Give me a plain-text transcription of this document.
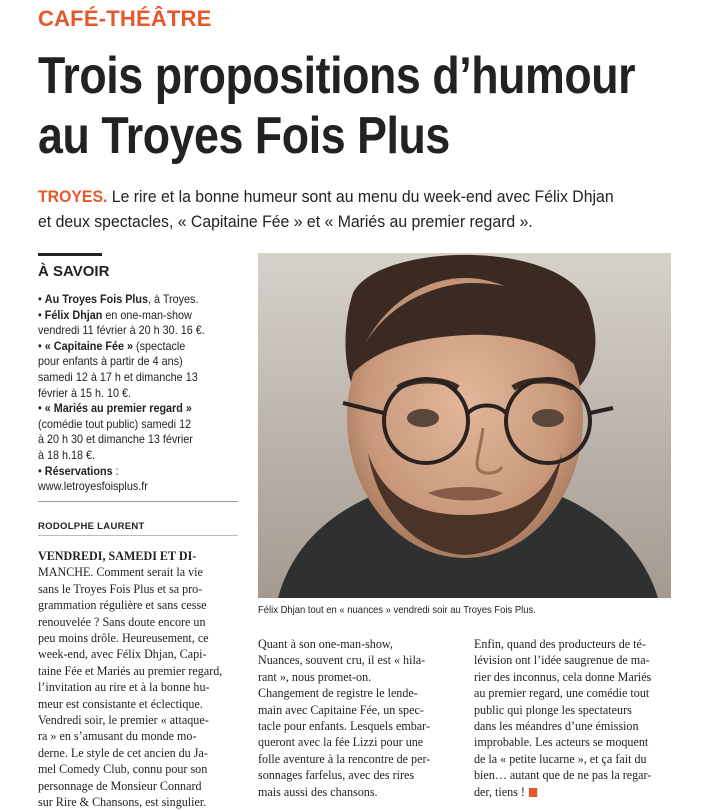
CAFÉ-THÉÂTRE
Trois propositions d’humour
au Troyes Fois Plus
TROYES. Le rire et la bonne humeur sont au menu du week-end avec Félix Dhjan
et deux spectacles, « Capitaine Fée » et « Mariés au premier regard ».
À SAVOIR
• Au Troyes Fois Plus, à Troyes.
• Félix Dhjan en one-man-show
vendredi 11 février à 20 h 30. 16 €.
• « Capitaine Fée » (spectacle
pour enfants à partir de 4 ans)
samedi 12 à 17 h et dimanche 13
février à 15 h. 10 €.
• « Mariés au premier regard »
(comédie tout public) samedi 12
à 20 h 30 et dimanche 13 février
à 18 h.18 €.
• Réservations :
www.letroyesfoisplus.fr
RODOLPHE LAURENT
VENDREDI, SAMEDI ET DI-
MANCHE. Comment serait la vie
sans le Troyes Fois Plus et sa pro-
grammation régulière et sans cesse
renouvelée ? Sans doute encore un
peu moins drôle. Heureusement, ce
week-end, avec Félix Dhjan, Capi-
taine Fée et Mariés au premier regard,
l’invitation au rire et à la bonne hu-
meur est consistante et éclectique.
Vendredi soir, le premier « attaque-
ra » en s’amusant du monde mo-
derne. Le style de cet ancien du Ja-
mel Comedy Club, connu pour son
personnage de Monsieur Connard
sur Rire & Chansons, est singulier.
Félix Dhjan tout en « nuances » vendredi soir au Troyes Fois Plus.
Quant à son one-man-show,
Nuances, souvent cru, il est « hila-
rant », nous promet-on.
Changement de registre le lende-
main avec Capitaine Fée, un spec-
tacle pour enfants. Lesquels embar-
queront avec la fée Lizzi pour une
folle aventure à la rencontre de per-
sonnages farfelus, avec des rires
mais aussi des chansons.
Enfin, quand des producteurs de té-
lévision ont l’idée saugrenue de ma-
rier des inconnus, cela donne Mariés
au premier regard, une comédie tout
public qui plonge les spectateurs
dans les méandres d’une émission
improbable. Les acteurs se moquent
de la « petite lucarne », et ça fait du
bien… autant que de ne pas la regar-
der, tiens !
